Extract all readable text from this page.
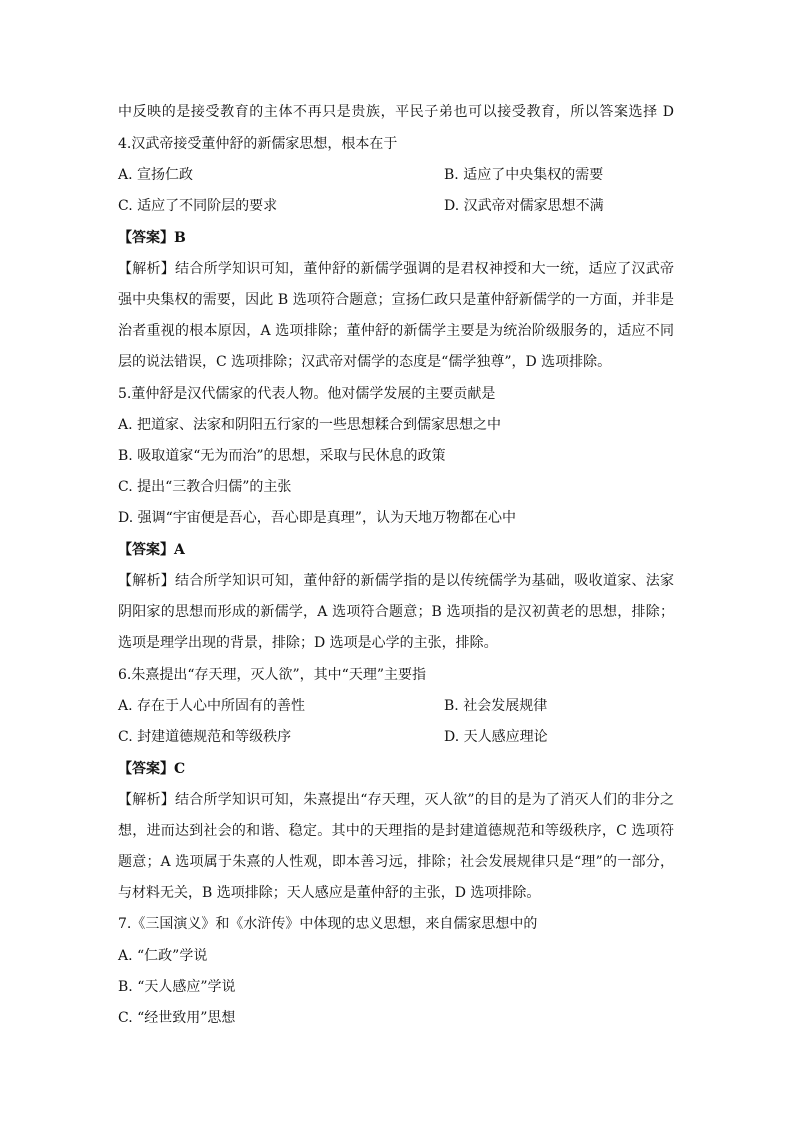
中反映的是接受教育的主体不再只是贵族，平民子弟也可以接受教育，所以答案选择 D
4.汉武帝接受董仲舒的新儒家思想，根本在于
A. 宣扬仁政	B. 适应了中央集权的需要
C. 适应了不同阶层的要求	D. 汉武帝对儒家思想不满
【答案】B
【解析】结合所学知识可知，董仲舒的新儒学强调的是君权神授和大一统，适应了汉武帝
强中央集权的需要，因此 B 选项符合题意；宣扬仁政只是董仲舒新儒学的一方面，并非是
治者重视的根本原因，A 选项排除；董仲舒的新儒学主要是为统治阶级服务的，适应不同
层的说法错误，C 选项排除；汉武帝对儒学的态度是“儒学独尊”，D 选项排除。
5.董仲舒是汉代儒家的代表人物。他对儒学发展的主要贡献是
A. 把道家、法家和阴阳五行家的一些思想糅合到儒家思想之中
B. 吸取道家“无为而治”的思想，采取与民休息的政策
C. 提出“三教合归儒”的主张
D. 强调“宇宙便是吾心，吾心即是真理”，认为天地万物都在心中
【答案】A
【解析】结合所学知识可知，董仲舒的新儒学指的是以传统儒学为基础，吸收道家、法家
阴阳家的思想而形成的新儒学，A 选项符合题意；B 选项指的是汉初黄老的思想，排除；
选项是理学出现的背景，排除；D 选项是心学的主张，排除。
6.朱熹提出“存天理，灭人欲”，其中“天理”主要指
A. 存在于人心中所固有的善性	B. 社会发展规律
C. 封建道德规范和等级秩序	D. 天人感应理论
【答案】C
【解析】结合所学知识可知，朱熹提出“存天理，灭人欲”的目的是为了消灭人们的非分之
想，进而达到社会的和谐、稳定。其中的天理指的是封建道德规范和等级秩序，C 选项符
题意；A 选项属于朱熹的人性观，即本善习远，排除；社会发展规律只是“理”的一部分，
与材料无关，B 选项排除；天人感应是董仲舒的主张，D 选项排除。
7.《三国演义》和《水浒传》中体现的忠义思想，来自儒家思想中的
A. “仁政”学说
B. “天人感应”学说
C. “经世致用”思想
